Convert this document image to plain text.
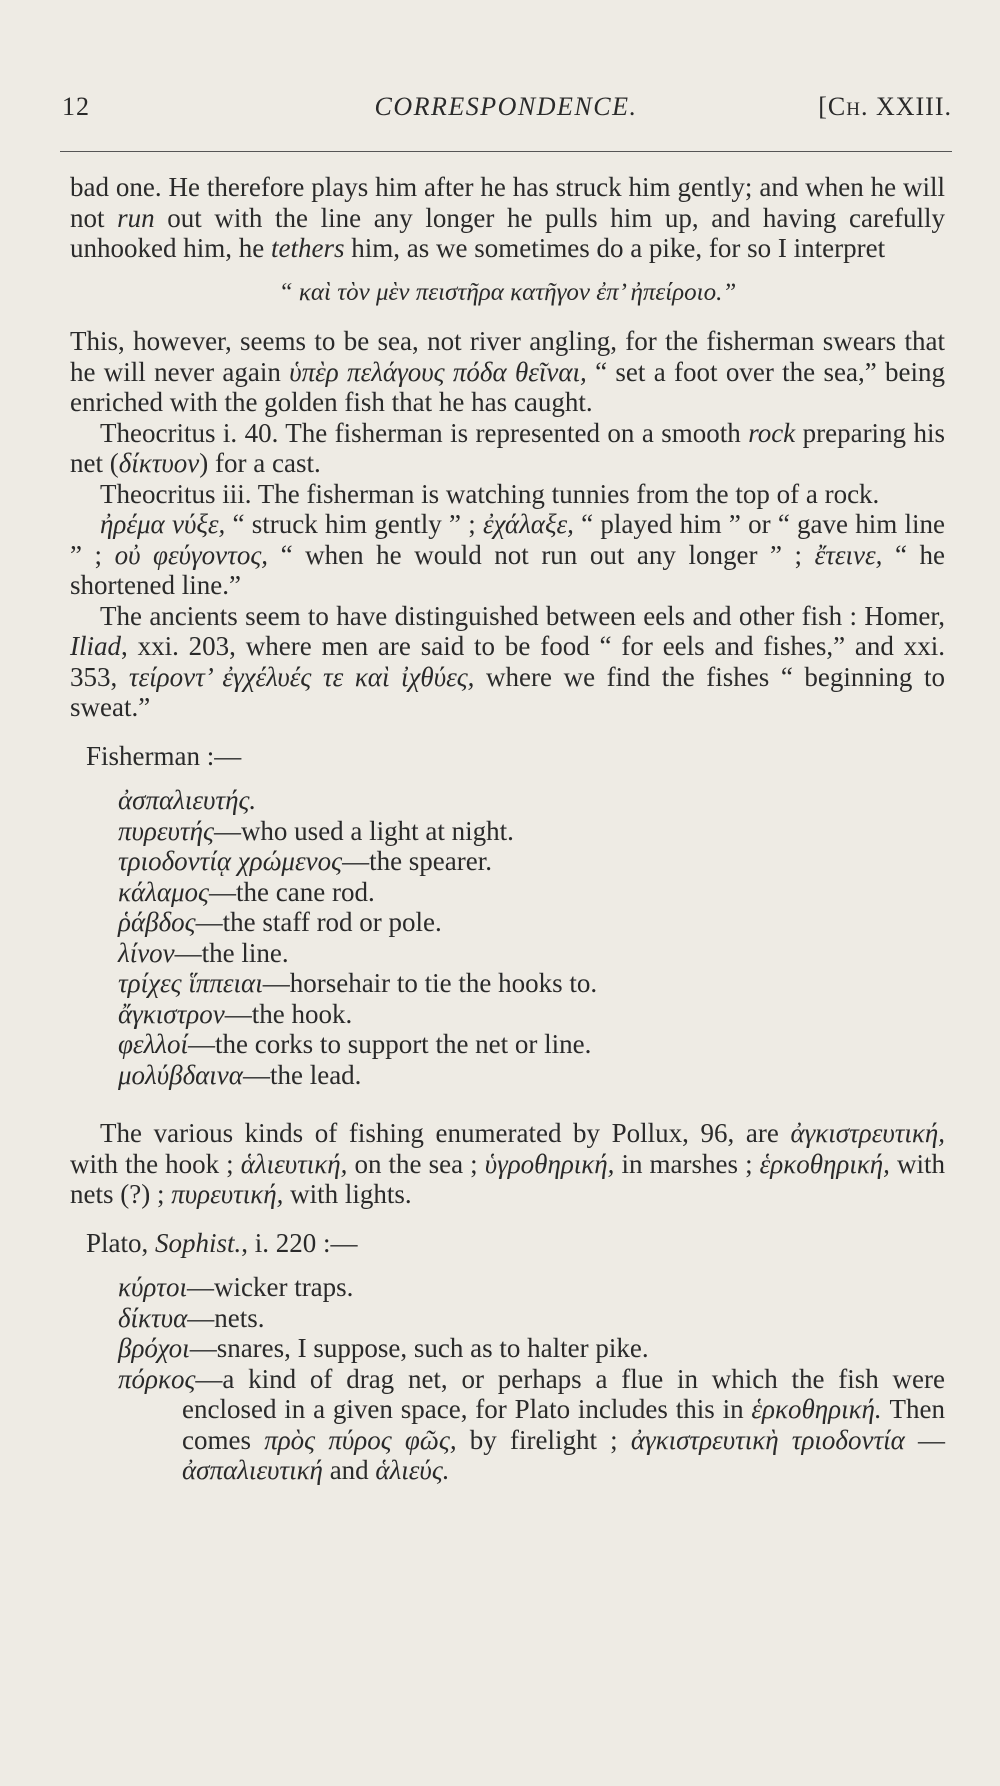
12	CORRESPONDENCE.	[CH. XXIII.

bad one. He therefore plays him after he has struck him gently; and when he will not run out with the line any longer he pulls him up, and having carefully unhooked him, he tethers him, as we sometimes do a pike, for so I interpret

“ καὶ τὸν μὲν πειστῆρα κατῆγον ἐπ’ ἠπείροιο.”

This, however, seems to be sea, not river angling, for the fisherman swears that he will never again ὑπὲρ πελάγους πόδα θεῖναι, “ set a foot over the sea,” being enriched with the golden fish that he has caught.

Theocritus i. 40. The fisherman is represented on a smooth rock preparing his net (δίκτυον) for a cast.

Theocritus iii. The fisherman is watching tunnies from the top of a rock.

ἠρέμα νύξε, “ struck him gently ” ; ἐχάλαξε, “ played him ” or “ gave him line ” ; οὐ φεύγοντος, “ when he would not run out any longer ” ; ἔτεινε, “ he shortened line.”

The ancients seem to have distinguished between eels and other fish : Homer, Iliad, xxi. 203, where men are said to be food “ for eels and fishes,” and xxi. 353, τείροντ’ ἐγχέλυές τε καὶ ἰχθύες, where we find the fishes “ beginning to sweat.”

Fisherman :—
ἀσπαλιευτής.
πυρευτής—who used a light at night.
τριοδοντίᾳ χρώμενος—the spearer.
κάλαμος—the cane rod.
ῥάβδος—the staff rod or pole.
λίνον—the line.
τρίχες ἵππειαι—horsehair to tie the hooks to.
ἄγκιστρον—the hook.
φελλοί—the corks to support the net or line.
μολύβδαινα—the lead.

The various kinds of fishing enumerated by Pollux, 96, are ἀγκιστρευτική, with the hook ; ἁλιευτική, on the sea ; ὑγροθηρική, in marshes ; ἑρκοθηρική, with nets (?) ; πυρευτική, with lights.

Plato, Sophist., i. 220 :—
κύρτοι—wicker traps.
δίκτυα—nets.
βρόχοι—snares, I suppose, such as to halter pike.
πόρκος—a kind of drag net, or perhaps a flue in which the fish were enclosed in a given space, for Plato includes this in ἑρκοθηρική. Then comes πρὸς πύρος φῶς, by firelight ; ἀγκιστρευτικὴ τριοδοντία — ἀσπαλιευτική and ἁλιεύς.
